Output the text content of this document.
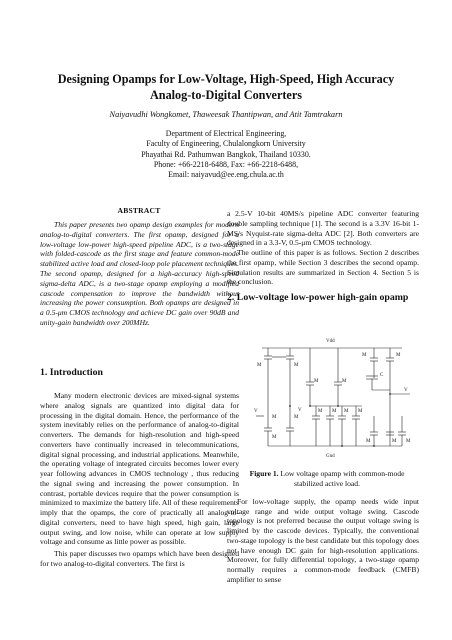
Designing Opamps for Low-Voltage, High-Speed, High Accuracy
Analog-to-Digital Converters
Naiyavudhi Wongkomet, Thaweesak Thantipwan, and Atit Tamtrakarn
Department of Electrical Engineering,
Faculty of Engineering, Chulalongkorn University
Phayathai Rd. Pathumwan Bangkok, Thailand 10330.
Phone: +66-2218-6488, Fax: +66-2218-6488,
Email: naiyavud@ee.eng.chula.ac.th
ABSTRACT

This paper presents two opamp design examples for modern analog-to-digital converters. The first opamp, designed for a low-voltage low-power high-speed pipeline ADC, is a two-stage with folded-cascode as the first stage and feature common-mode stabilized active load and closed-loop pole placement techniques. The second opamp, designed for a high-accuracy high-speed sigma-delta ADC, is a two-stage opamp employing a modified cascode compensation to improve the bandwidth without increasing the power consumption. Both opamps are designed in a 0.5-μm CMOS technology and achieve DC gain over 90dB and unity-gain bandwidth over 200MHz.

1. Introduction

Many modern electronic devices are mixed-signal systems where analog signals are quantized into digital data for processing in the digital domain. Hence, the performance of the system inevitably relies on the performance of analog-to-digital converters. The demands for high-resolution and high-speed converters have continually increased in telecommunications, digital signal processing, and industrial applications. Meanwhile, the operating voltage of integrated circuits becomes lower every year following advances in CMOS technology , thus reducing the signal swing and increasing the power consumption. In contrast, portable devices require that the power consumption is minimized to maximize the battery life. All of these requirements imply that the opamps, the core of practically all analog-to-digital converters, need to have high speed, high gain, large output swing, and low noise, while can operate at low supply voltage and consume as little power as possible.

This paper discusses two opamps which have been designed for two analog-to-digital converters. The first is

a 2.5-V 10-bit 40MS/s pipeline ADC converter featuring double sampling technique [1]. The second is a 3.3V 16-bit 1-MS/s Nyquist-rate sigma-delta ADC [2]. Both converters are designed in a 3.3-V, 0.5-μm CMOS technology.

The outline of this paper is as follows. Section 2 describes the first opamp, while Section 3 describes the second opamp. Simulation results are summarized in Section 4. Section 5 is the conclusion.

2. Low-voltage low-power high-gain opamp
Vdd
Gnd
M	M
M	M
M M M M
V
M	M
V
M
M	M
C
V
M	M M
Figure 1. Low voltage opamp with common-mode stabilized active load.

For low-voltage supply, the opamp needs wide input voltage range and wide output voltage swing. Cascode topology is not preferred because the output voltage swing is limited by the cascode devices. Typically, the conventional two-stage topology is the best candidate but this topology does not have enough DC gain for high-resolution applications. Moreover, for fully differential topology, a two-stage opamp normally requires a common-mode feedback (CMFB) amplifier to sense
